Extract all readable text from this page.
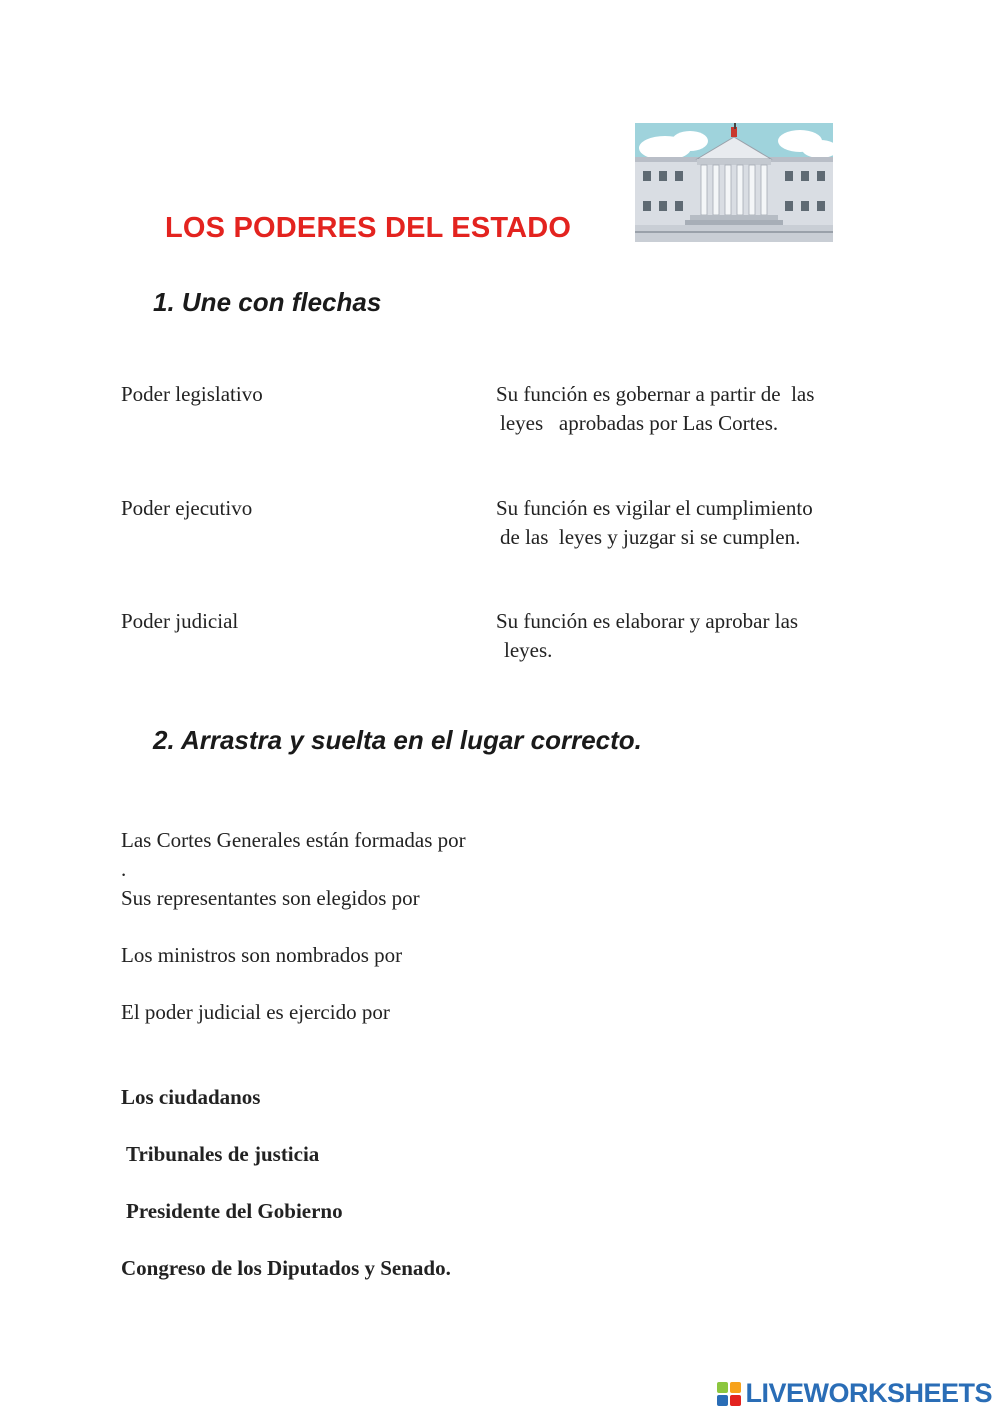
LOS PODERES DEL ESTADO
1. Une con flechas
Poder legislativo
Poder ejecutivo
Poder judicial
Su función es gobernar a partir de  las
leyes   aprobadas por Las Cortes.
Su función es vigilar el cumplimiento
de las  leyes y juzgar si se cumplen.
Su función es elaborar y aprobar las
leyes.
2. Arrastra y suelta en el lugar correcto.
Las Cortes Generales están formadas por
.
Sus representantes son elegidos por
Los ministros son nombrados por
El poder judicial es ejercido por
Los ciudadanos
Tribunales de justicia
Presidente del Gobierno
Congreso de los Diputados y Senado.
LIVEWORKSHEETS
